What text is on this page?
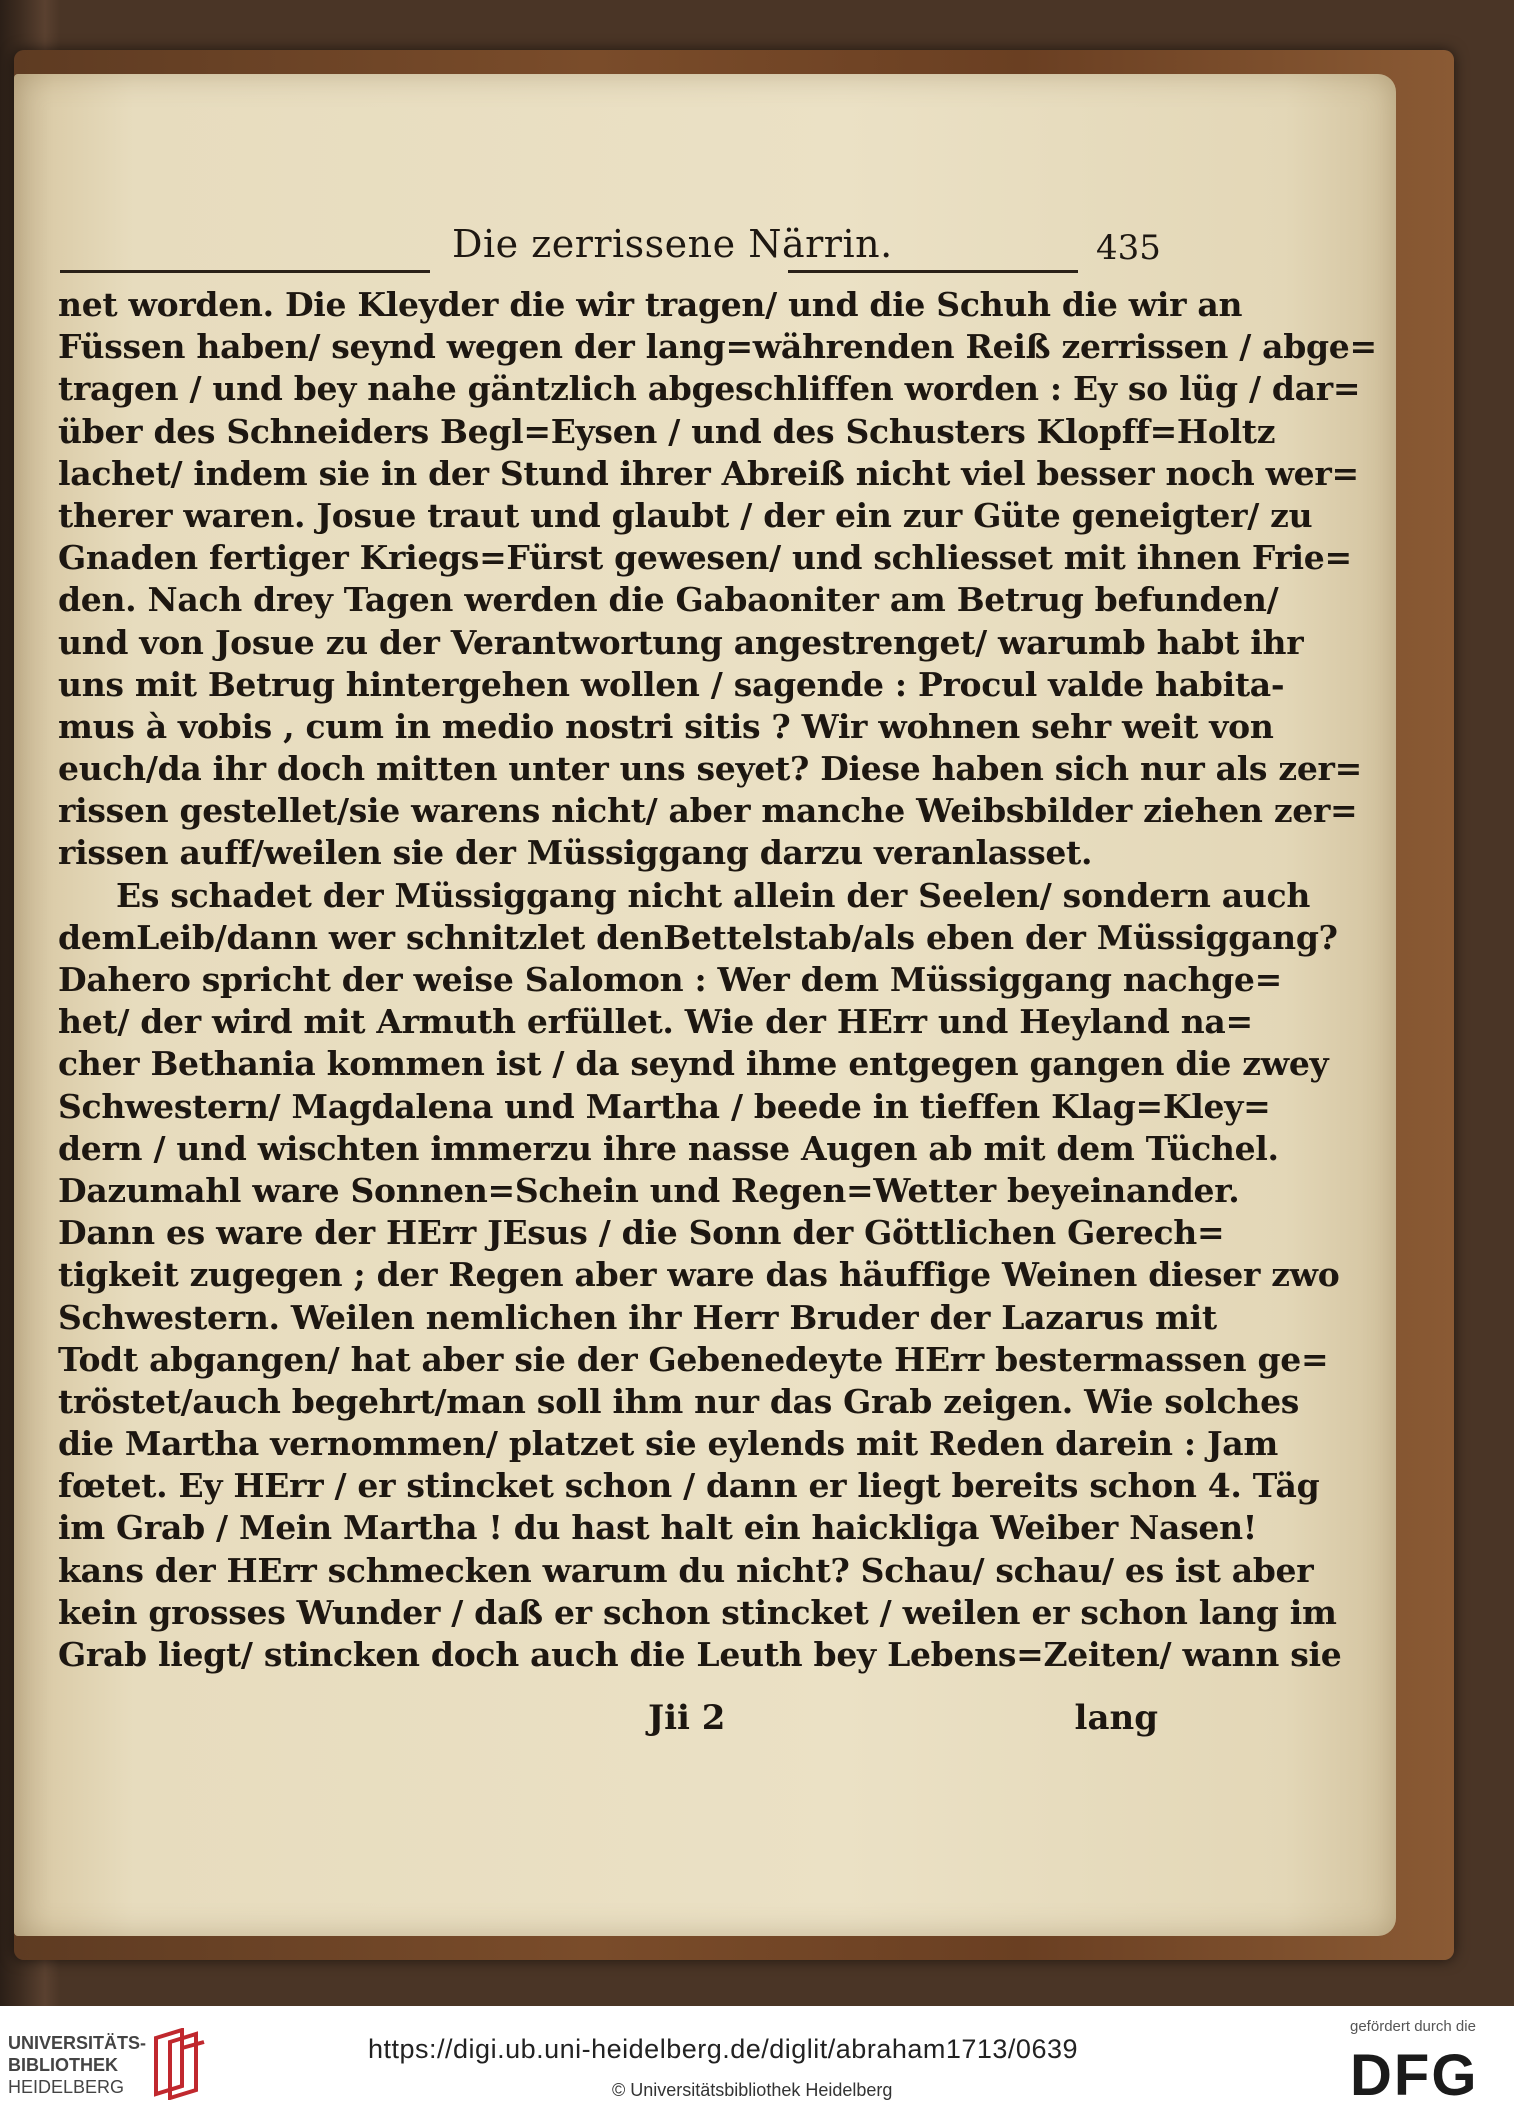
Die zerrissene Närrin.	435
net worden. Die Kleyder die wir tragen/ und die Schuh die wir an
Füssen haben/ seynd wegen der lang=währenden Reiß zerrissen / abge=
tragen / und bey nahe gäntzlich abgeschliffen worden : Ey so lüg / dar=
über des Schneiders Begl=Eysen / und des Schusters Klopff=Holtz
lachet/ indem sie in der Stund ihrer Abreiß nicht viel besser noch wer=
therer waren. Josue traut und glaubt / der ein zur Güte geneigter/ zu
Gnaden fertiger Kriegs=Fürst gewesen/ und schliesset mit ihnen Frie=
den. Nach drey Tagen werden die Gabaoniter am Betrug befunden/
und von Josue zu der Verantwortung angestrenget/ warumb habt ihr
uns mit Betrug hintergehen wollen / sagende : Procul valde habita-
mus à vobis , cum in medio nostri sitis ? Wir wohnen sehr weit von
euch/da ihr doch mitten unter uns seyet? Diese haben sich nur als zer=
rissen gestellet/sie warens nicht/ aber manche Weibsbilder ziehen zer=
rissen auff/weilen sie der Müssiggang darzu veranlasset.
Es schadet der Müssiggang nicht allein der Seelen/ sondern auch
demLeib/dann wer schnitzlet denBettelstab/als eben der Müssiggang?
Dahero spricht der weise Salomon : Wer dem Müssiggang nachge=
het/ der wird mit Armuth erfüllet. Wie der HErr und Heyland na=
cher Bethania kommen ist / da seynd ihme entgegen gangen die zwey
Schwestern/ Magdalena und Martha / beede in tieffen Klag=Kley=
dern / und wischten immerzu ihre nasse Augen ab mit dem Tüchel.
Dazumahl ware Sonnen=Schein und Regen=Wetter beyeinander.
Dann es ware der HErr JEsus / die Sonn der Göttlichen Gerech=
tigkeit zugegen ; der Regen aber ware das häuffige Weinen dieser zwo
Schwestern. Weilen nemlichen ihr Herr Bruder der Lazarus mit
Todt abgangen/ hat aber sie der Gebenedeyte HErr bestermassen ge=
tröstet/auch begehrt/man soll ihm nur das Grab zeigen. Wie solches
die Martha vernommen/ platzet sie eylends mit Reden darein : Jam
fœtet. Ey HErr / er stincket schon / dann er liegt bereits schon 4. Täg
im Grab / Mein Martha ! du hast halt ein haickliga Weiber Nasen!
kans der HErr schmecken warum du nicht? Schau/ schau/ es ist aber
kein grosses Wunder / daß er schon stincket / weilen er schon lang im
Grab liegt/ stincken doch auch die Leuth bey Lebens=Zeiten/ wann sie
Jii 2	lang
UNIVERSITÄTS-
BIBLIOTHEK
HEIDELBERG
https://digi.ub.uni-heidelberg.de/diglit/abraham1713/0639
© Universitätsbibliothek Heidelberg
gefördert durch die
DFG
